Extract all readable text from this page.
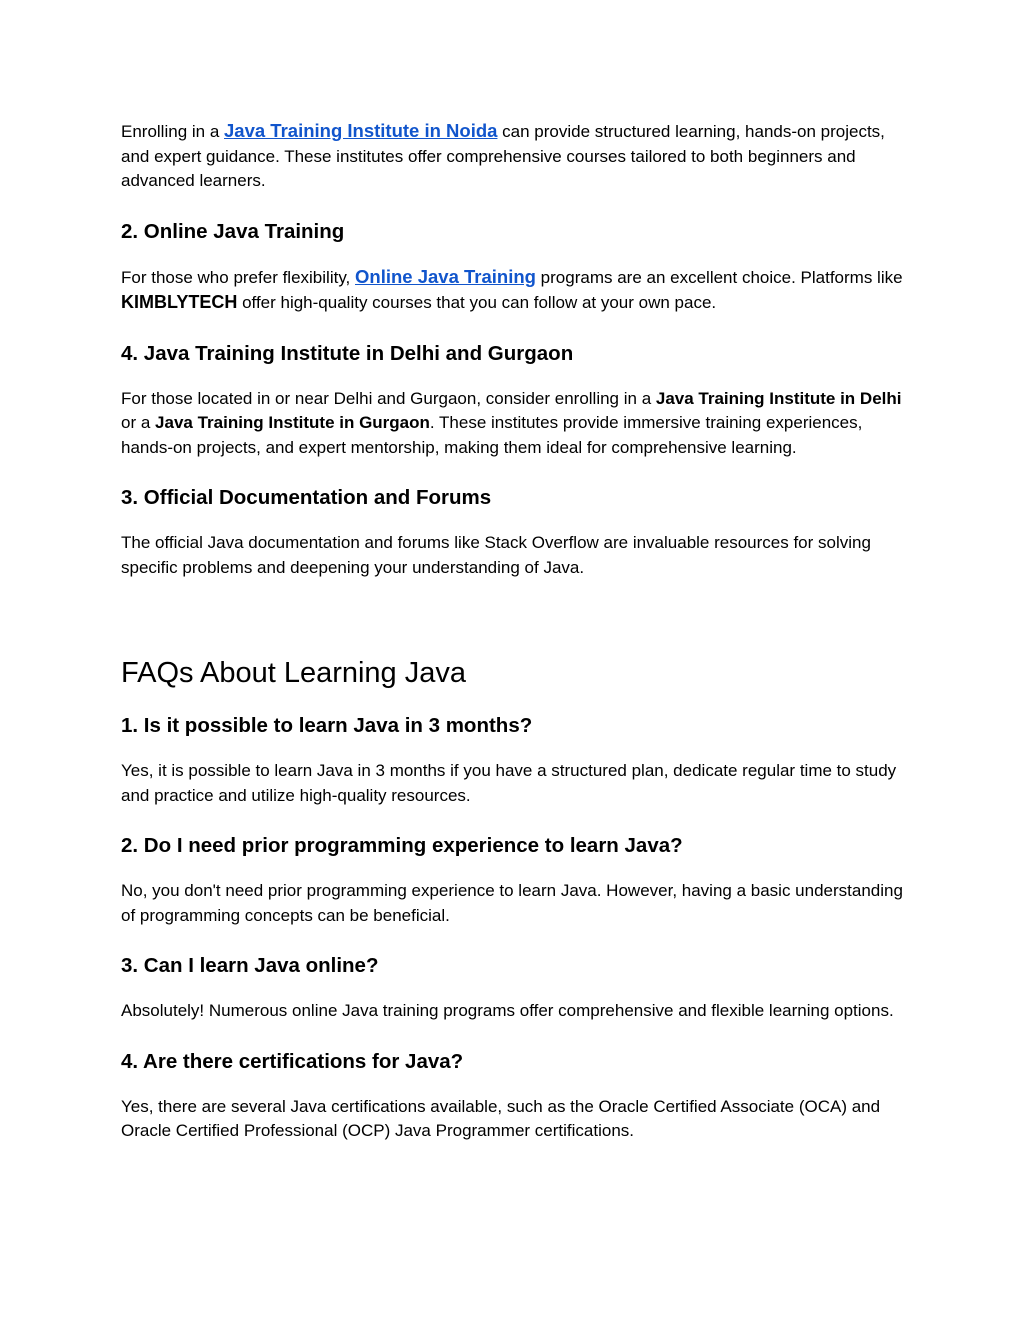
Enrolling in a Java Training Institute in Noida can provide structured learning, hands-on projects, and expert guidance. These institutes offer comprehensive courses tailored to both beginners and advanced learners.

2. Online Java Training

For those who prefer flexibility, Online Java Training programs are an excellent choice. Platforms like KIMBLYTECH offer high-quality courses that you can follow at your own pace.

4. Java Training Institute in Delhi and Gurgaon

For those located in or near Delhi and Gurgaon, consider enrolling in a Java Training Institute in Delhi or a Java Training Institute in Gurgaon. These institutes provide immersive training experiences, hands-on projects, and expert mentorship, making them ideal for comprehensive learning.

3. Official Documentation and Forums

The official Java documentation and forums like Stack Overflow are invaluable resources for solving specific problems and deepening your understanding of Java.

FAQs About Learning Java
1. Is it possible to learn Java in 3 months?

Yes, it is possible to learn Java in 3 months if you have a structured plan, dedicate regular time to study and practice and utilize high-quality resources.

2. Do I need prior programming experience to learn Java?

No, you don't need prior programming experience to learn Java. However, having a basic understanding of programming concepts can be beneficial.

3. Can I learn Java online?

Absolutely! Numerous online Java training programs offer comprehensive and flexible learning options.

4. Are there certifications for Java?

Yes, there are several Java certifications available, such as the Oracle Certified Associate (OCA) and Oracle Certified Professional (OCP) Java Programmer certifications.
